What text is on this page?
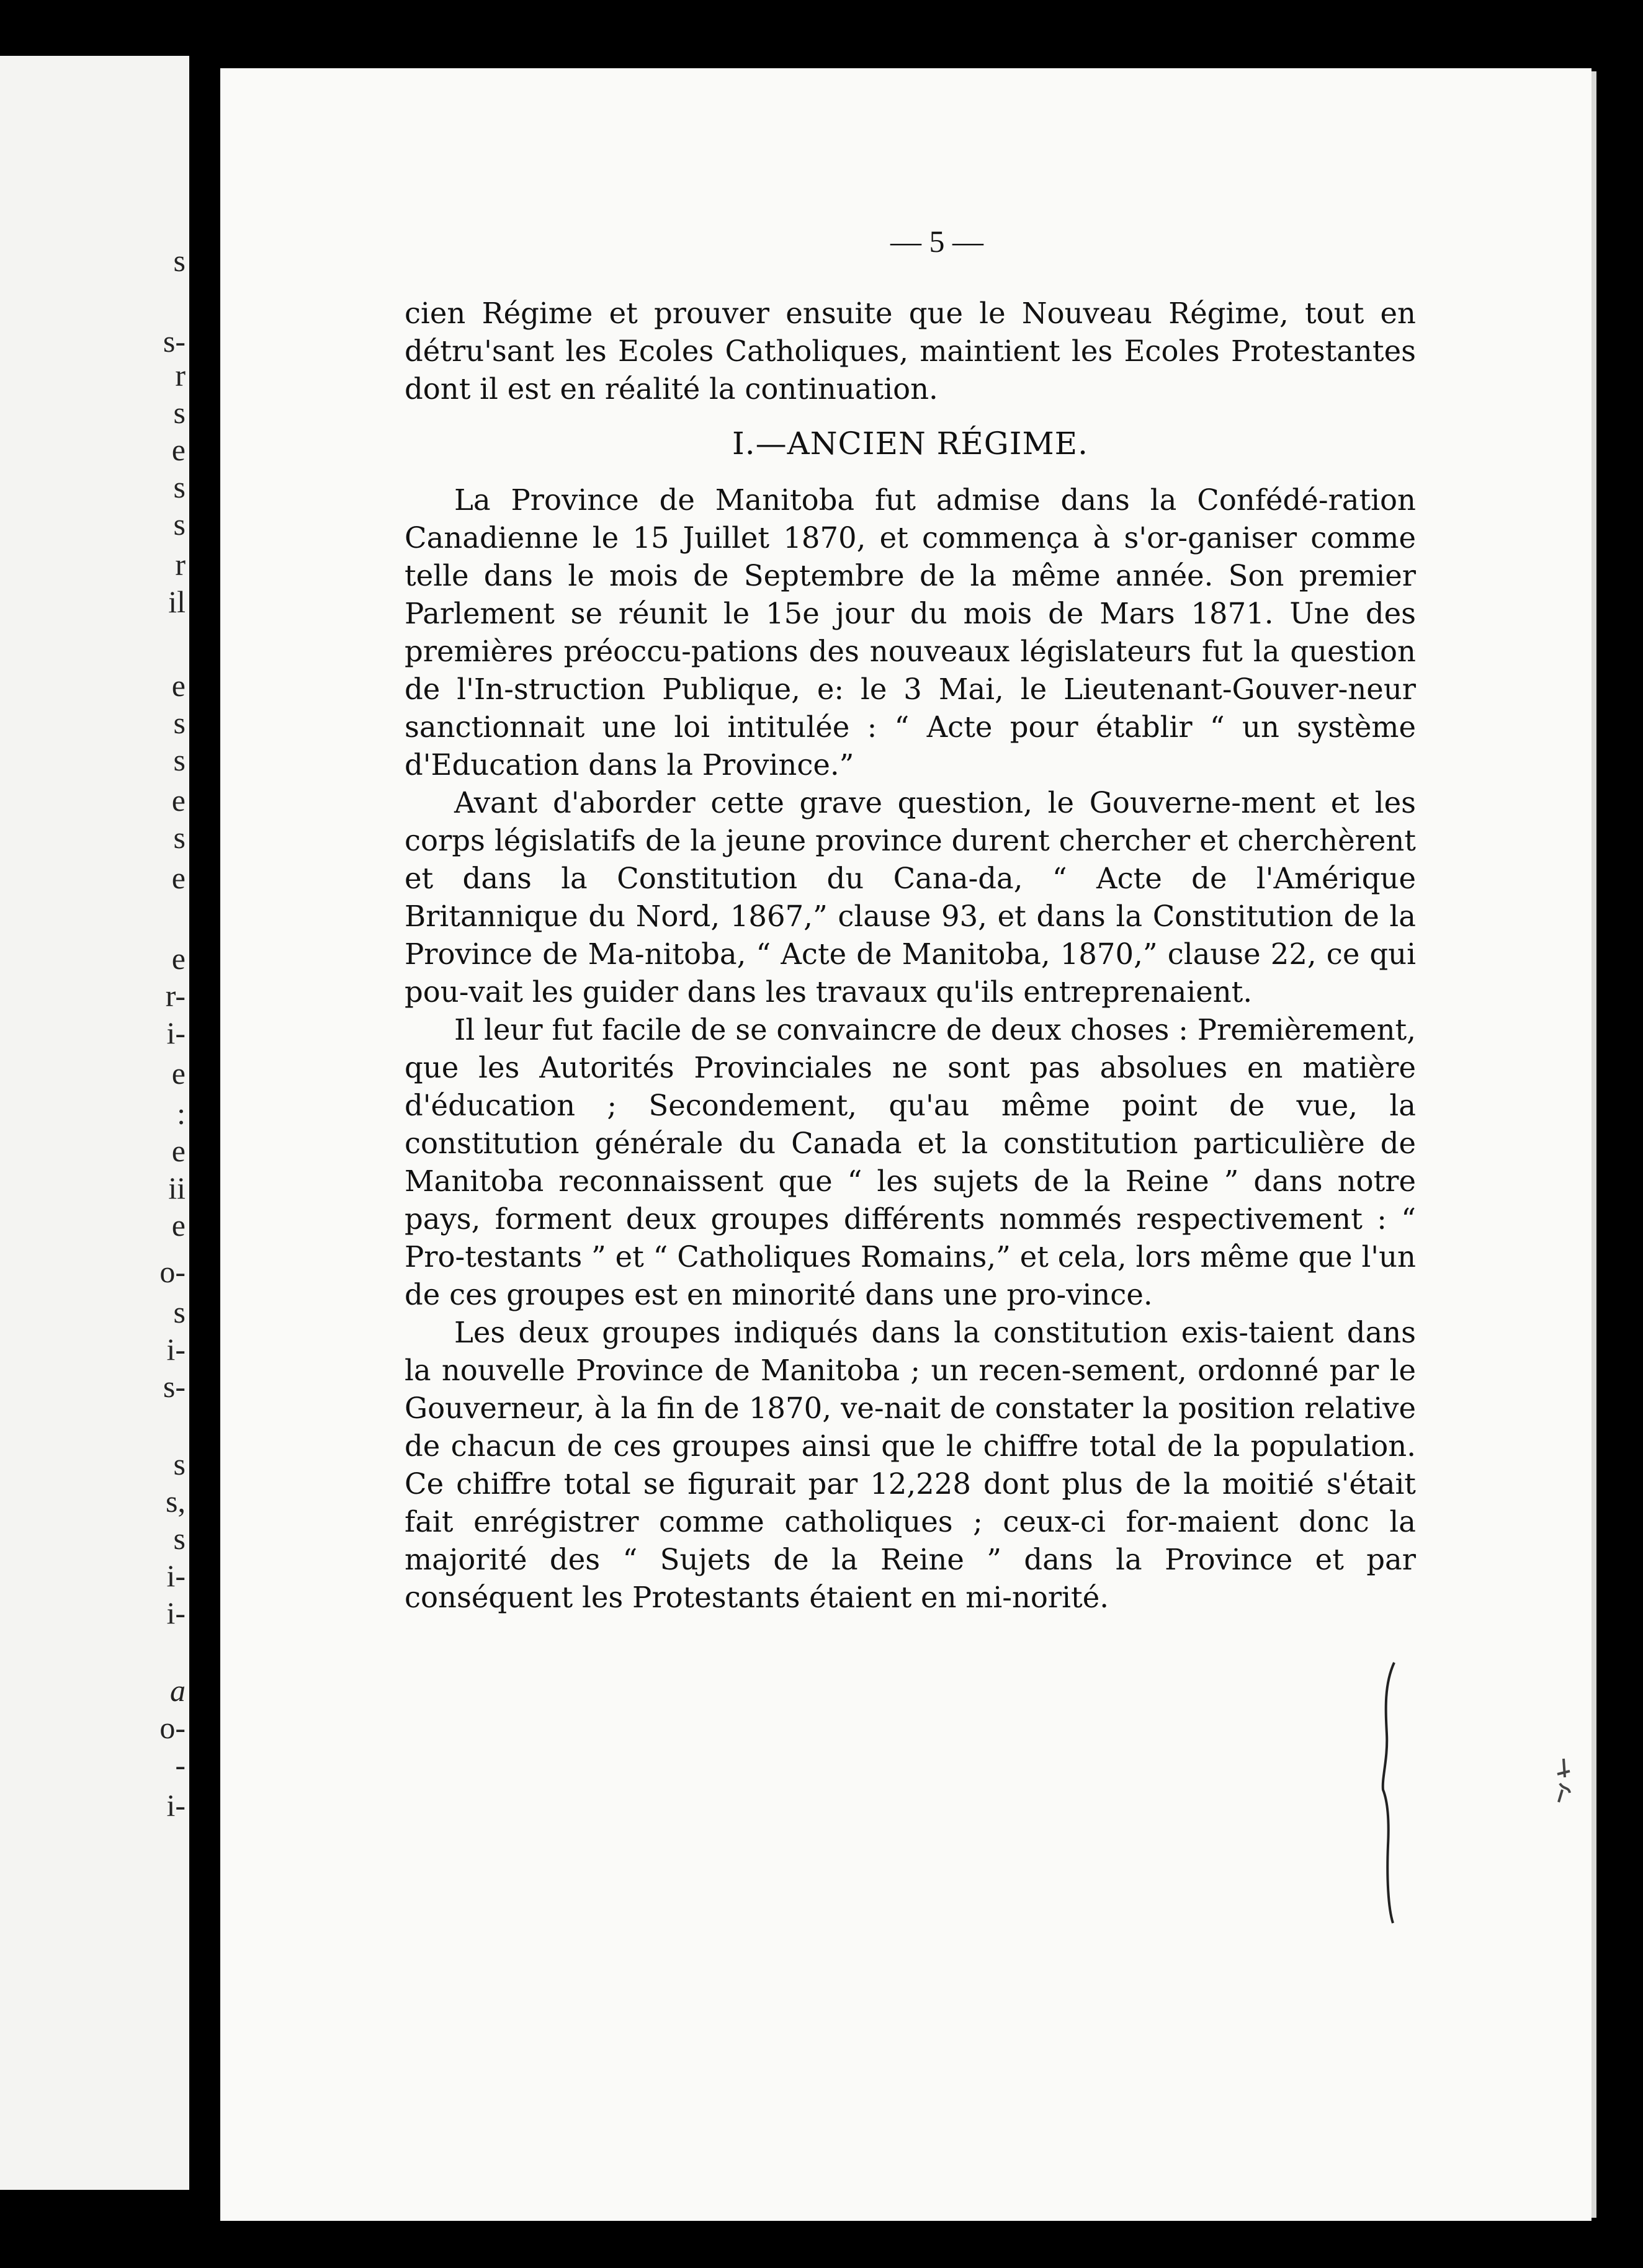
s
s-
r
s
e
s
s
r
il
e
s
s
e
s
e
e
r-
i-
e
:
e
ii
e
o-
s
i-
s-
s
s,
s
i-
i-
a
o-
-
i-
— 5 —

cien Régime et prouver ensuite que le Nouveau Régime, tout en détru'sant les Ecoles Catholiques, maintient les Ecoles Protestantes dont il est en réalité la continuation.

I.—ANCIEN RÉGIME.

La Province de Manitoba fut admise dans la Confédé-ration Canadienne le 15 Juillet 1870, et commença à s'or-ganiser comme telle dans le mois de Septembre de la même année. Son premier Parlement se réunit le 15e jour du mois de Mars 1871. Une des premières préoccu-pations des nouveaux législateurs fut la question de l'In-struction Publique, e: le 3 Mai, le Lieutenant-Gouver-neur sanctionnait une loi intitulée : “ Acte pour établir “ un système d'Education dans la Province.”

Avant d'aborder cette grave question, le Gouverne-ment et les corps législatifs de la jeune province durent chercher et cherchèrent et dans la Constitution du Cana-da, “ Acte de l'Amérique Britannique du Nord, 1867,” clause 93, et dans la Constitution de la Province de Ma-nitoba, “ Acte de Manitoba, 1870,” clause 22, ce qui pou-vait les guider dans les travaux qu'ils entreprenaient.

Il leur fut facile de se convaincre de deux choses : Premièrement, que les Autorités Provinciales ne sont pas absolues en matière d'éducation ; Secondement, qu'au même point de vue, la constitution générale du Canada et la constitution particulière de Manitoba reconnaissent que “ les sujets de la Reine ” dans notre pays, forment deux groupes différents nommés respectivement : “ Pro-testants ” et “ Catholiques Romains,” et cela, lors même que l'un de ces groupes est en minorité dans une pro-vince.

Les deux groupes indiqués dans la constitution exis-taient dans la nouvelle Province de Manitoba ; un recen-sement, ordonné par le Gouverneur, à la fin de 1870, ve-nait de constater la position relative de chacun de ces groupes ainsi que le chiffre total de la population. Ce chiffre total se figurait par 12,228 dont plus de la moitié s'était fait enrégistrer comme catholiques ; ceux-ci for-maient donc la majorité des “ Sujets de la Reine ” dans la Province et par conséquent les Protestants étaient en mi-norité.
